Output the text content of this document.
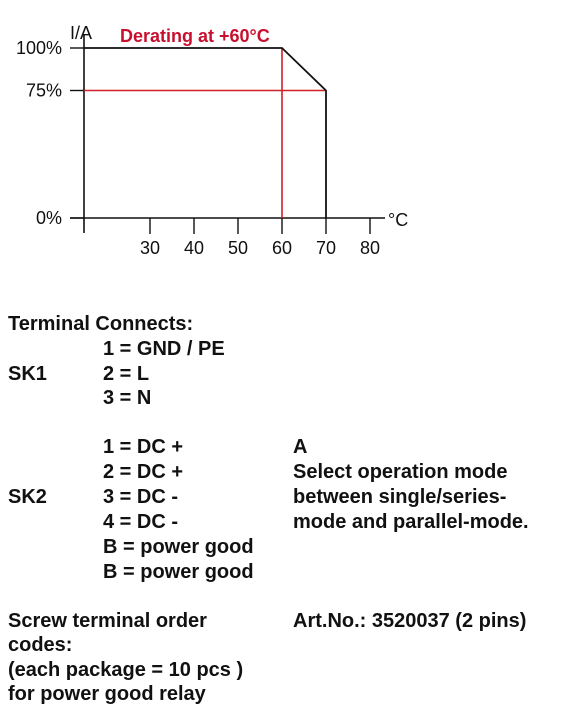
30 40 50 60 70 80
0%
75%
100%
I/A
°C
Derating at +60°C
Terminal Connects:
SK1
1 = GND / PE
2 = L
3 = N
SK2
1 = DC +
2 = DC +
3 = DC -
4 = DC -
B = power good
B = power good
A
Select operation mode
between single/series-
mode and parallel-mode.
Screw terminal order
codes:
(each package = 10 pcs )
for power good relay
Art.No.: 3520037 (2 pins)
